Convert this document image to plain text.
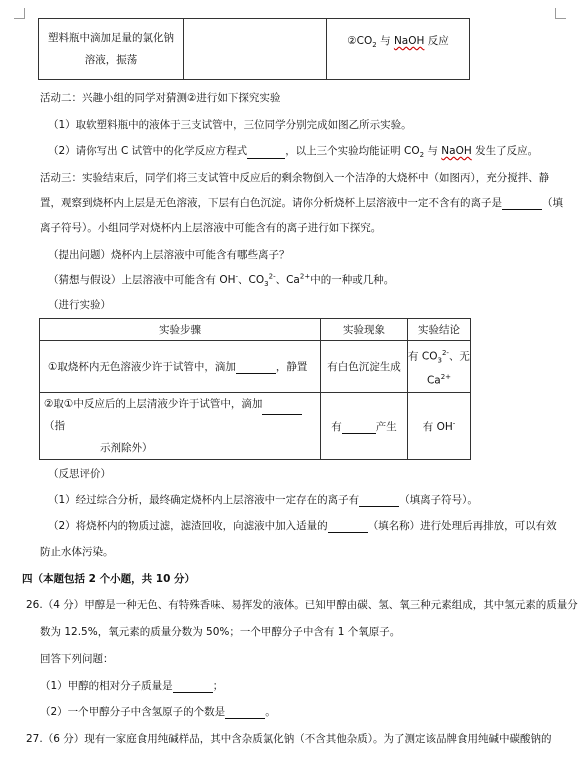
塑料瓶中滴加足量的氯化钠
溶液，振荡
		$②CO_2$ 与 NaOH 反应
活动二：兴趣小组的同学对猜测②进行如下探究实验
（1）取软塑料瓶中的液体于三支试管中，三位同学分别完成如图乙所示实验。
（2）请你写出 C 试管中的化学反应方程式	，以上三个实验均能证明 $CO_2$ 与 NaOH 发生了反应。
活动三：实验结束后，同学们将三支试管中反应后的剩余物倒入一个洁净的大烧杯中（如图丙），充分搅拌、静
置，观察到烧杯内上层是无色溶液，下层有白色沉淀。请你分析烧杯上层溶液中一定不含有的离子是	（填
离子符号）。小组同学对烧杯内上层溶液中可能含有的离子进行如下探究。
（提出问题）烧杯内上层溶液中可能含有哪些离子？
（猜想与假设）上层溶液中可能含有 OH-、$CO_3^{2-}$、$Ca^{2+}$中的一种或几种。
（进行实验）
实验步骤	实验现象	实验结论
①取烧杯内无色溶液少许于试管中，滴加 ，静置	有白色沉淀生成	有 $CO_3^{2-}$、无
$Ca^{2+}$

②取①中反应后的上层清液少许于试管中，滴加（指
示剂除外）	有 产生	有 OH-
（反思评价）
（1）经过综合分析，最终确定烧杯内上层溶液中一定存在的离子有	（填离子符号）。
（2）将烧杯内的物质过滤，滤渣回收，向滤液中加入适量的	（填名称）进行处理后再排放，可以有效
防止水体污染。
四（本题包括 2 个小题，共 10 分）
26.（4 分）甲醇是一种无色、有特殊香味、易挥发的液体。已知甲醇由碳、氢、氧三种元素组成，其中氢元素的质量分
数为 12.5%，氧元素的质量分数为 50%；一个甲醇分子中含有 1 个氧原子。
回答下列问题：
（1）甲醇的相对分子质量是	；
（2）一个甲醇分子中含氢原子的个数是	。
27.（6 分）现有一家庭食用纯碱样品，其中含杂质氯化钠（不含其他杂质）。为了测定该品牌食用纯碱中碳酸钠的
